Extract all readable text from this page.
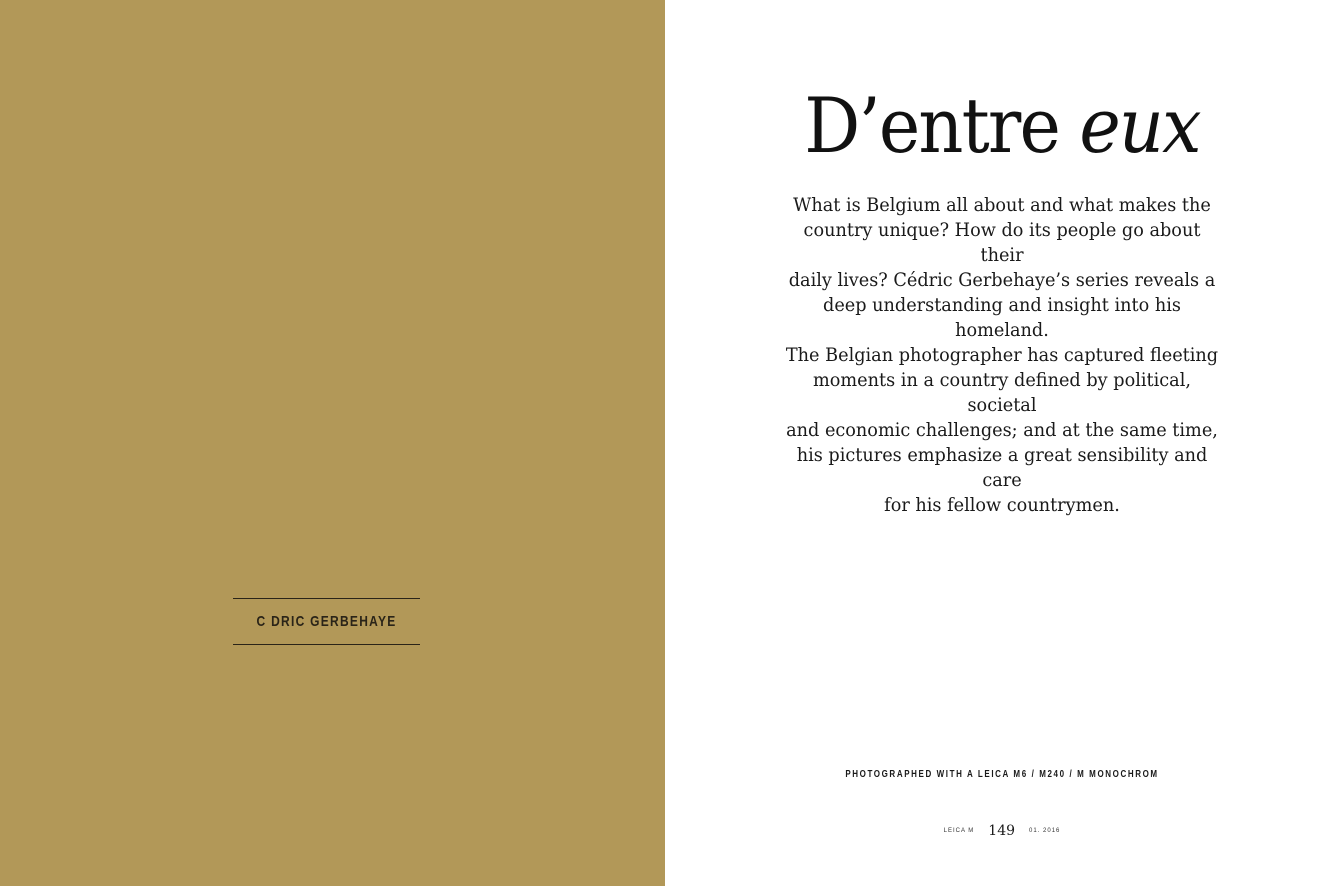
C DRIC GERBEHAYE
D’entre eux

What is Belgium all about and what makes the
country unique? How do its people go about their
daily lives? Cédric Gerbehaye’s series reveals a
deep understanding and insight into his homeland.
The Belgian photographer has captured fleeting
moments in a country defined by political, societal
and economic challenges; and at the same time,
his pictures emphasize a great sensibility and care
for his fellow countrymen.

PHOTOGRAPHED WITH A LEICA M6 / M240 / M MONOCHROM
LEICA M 149 01. 2016
